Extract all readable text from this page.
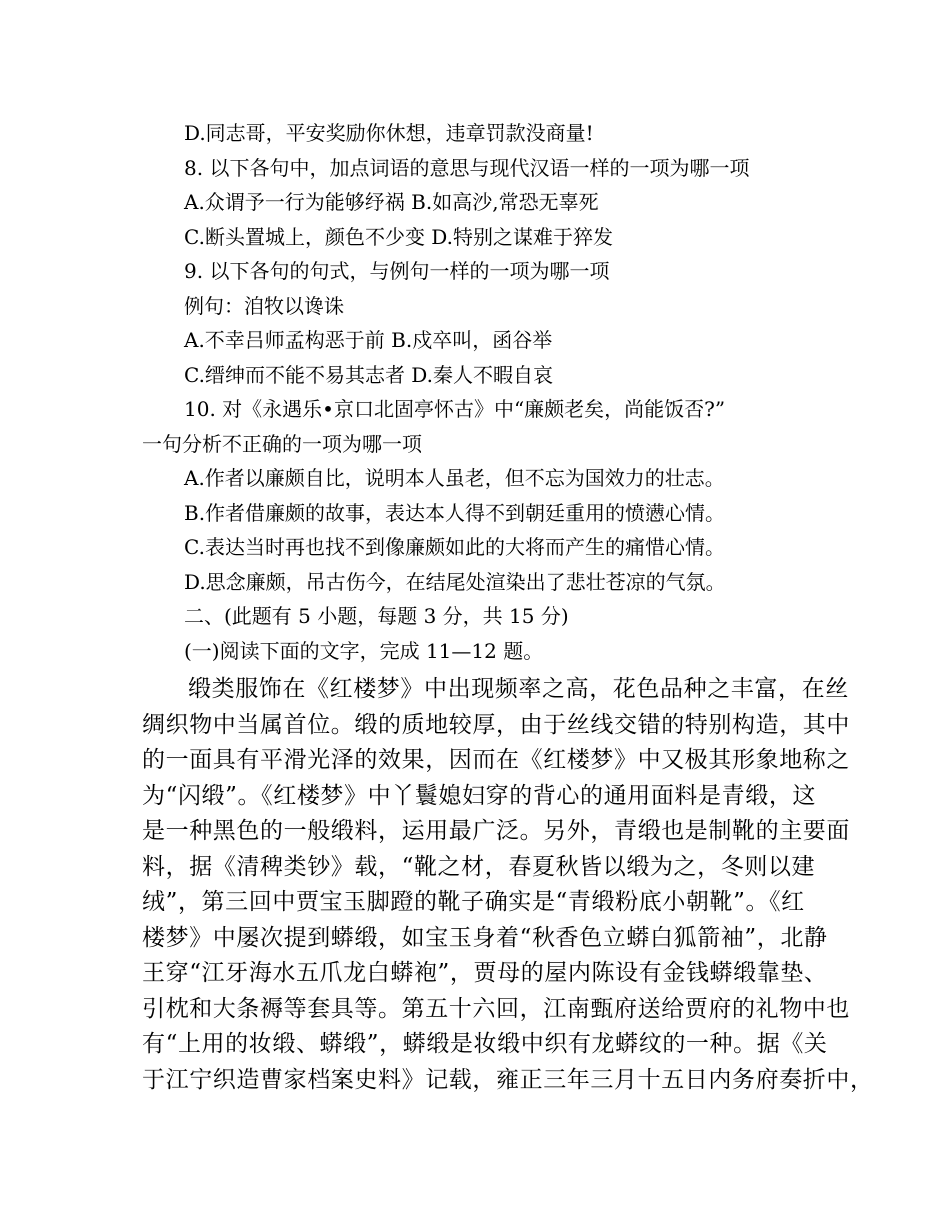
D.同志哥，平安奖励你休想，违章罚款没商量!
8. 以下各句中，加点词语的意思与现代汉语一样的一项为哪一项
A.众谓予一行为能够纾祸 B.如高沙,常恐无辜死
C.断头置城上，颜色不少变 D.特别之谋难于猝发
9. 以下各句的句式，与例句一样的一项为哪一项
例句：洎牧以谗诛
A.不幸吕师孟构恶于前 B.戍卒叫，函谷举
C.缙绅而不能不易其志者 D.秦人不暇自哀
10. 对《永遇乐•京口北固亭怀古》中“廉颇老矣，尚能饭否?”
一句分析不正确的一项为哪一项
A.作者以廉颇自比，说明本人虽老，但不忘为国效力的壮志。
B.作者借廉颇的故事，表达本人得不到朝廷重用的愤懑心情。
C.表达当时再也找不到像廉颇如此的大将而产生的痛惜心情。
D.思念廉颇，吊古伤今，在结尾处渲染出了悲壮苍凉的气氛。
二、(此题有 5 小题，每题 3 分，共 15 分)
(一)阅读下面的文字，完成 11—12 题。
缎类服饰在《红楼梦》中出现频率之高，花色品种之丰富，在丝
绸织物中当属首位。缎的质地较厚，由于丝线交错的特别构造，其中
的一面具有平滑光泽的效果，因而在《红楼梦》中又极其形象地称之
为“闪缎”。《红楼梦》中丫鬟媳妇穿的背心的通用面料是青缎，这
是一种黑色的一般缎料，运用最广泛。另外，青缎也是制靴的主要面
料，据《清稗类钞》载，“靴之材，春夏秋皆以缎为之，冬则以建
绒”，第三回中贾宝玉脚蹬的靴子确实是“青缎粉底小朝靴”。《红
楼梦》中屡次提到蟒缎，如宝玉身着“秋香色立蟒白狐箭袖”，北静
王穿“江牙海水五爪龙白蟒袍”，贾母的屋内陈设有金钱蟒缎靠垫、
引枕和大条褥等套具等。第五十六回，江南甄府送给贾府的礼物中也
有“上用的妆缎、蟒缎”，蟒缎是妆缎中织有龙蟒纹的一种。据《关
于江宁织造曹家档案史料》记载，雍正三年三月十五日内务府奏折中，
